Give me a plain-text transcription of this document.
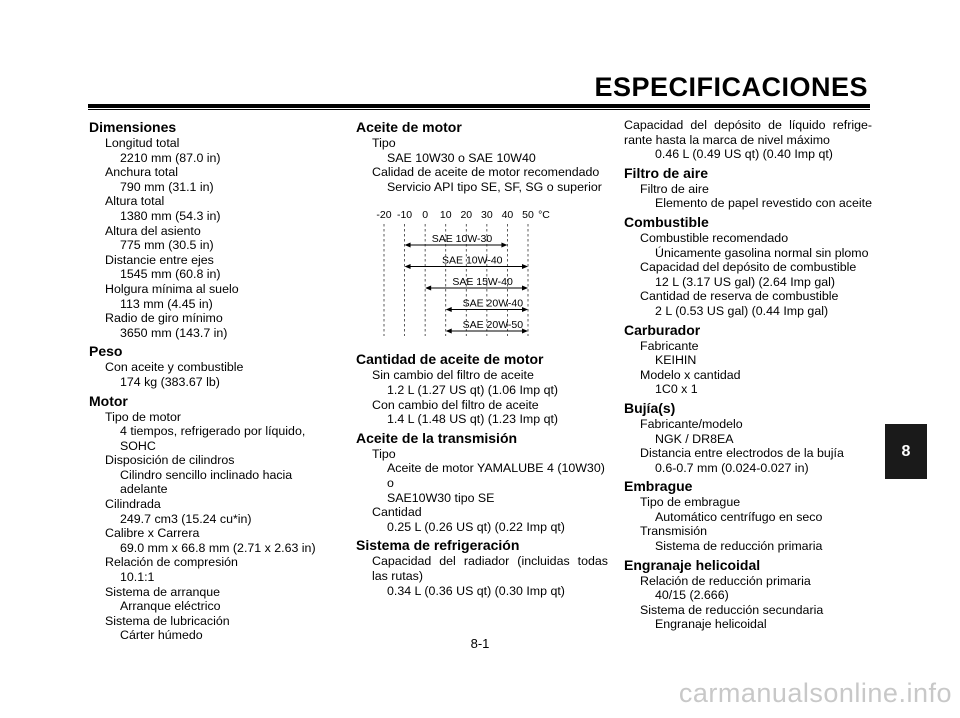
ESPECIFICACIONES
Dimensiones
Longitud total
2210 mm (87.0 in)
Anchura total
790 mm (31.1 in)
Altura total
1380 mm (54.3 in)
Altura del asiento
775 mm (30.5 in)
Distancie entre ejes
1545 mm (60.8 in)
Holgura mínima al suelo
113 mm (4.45 in)
Radio de giro mínimo
3650 mm (143.7 in)
Peso
Con aceite y combustible
174 kg (383.67 lb)
Motor
Tipo de motor
4 tiempos, refrigerado por líquido, SOHC
Disposición de cilindros
Cilindro sencillo inclinado hacia adelante
Cilindrada
249.7 cm3 (15.24 cu*in)
Calibre x Carrera
69.0 mm x 66.8 mm (2.71 x 2.63 in)
Relación de compresión
10.1:1
Sistema de arranque
Arranque eléctrico
Sistema de lubricación
Cárter húmedo
Aceite de motor
Tipo
SAE 10W30 o SAE 10W40
Calidad de aceite de motor recomendado
Servicio API tipo SE, SF, SG o superior
-20 -10 0 10 20 30 40 50 °C
SAE 10W-30
SAE 10W-40
SAE 15W-40
SAE 20W-40
SAE 20W-50
Cantidad de aceite de motor
Sin cambio del filtro de aceite
1.2 L (1.27 US qt) (1.06 Imp qt)
Con cambio del filtro de aceite
1.4 L (1.48 US qt) (1.23 Imp qt)
Aceite de la transmisión
Tipo
Aceite de motor YAMALUBE 4 (10W30) o
SAE10W30 tipo SE
Cantidad
0.25 L (0.26 US qt) (0.22 Imp qt)
Sistema de refrigeración
Capacidad del radiador (incluidas todas las rutas)
0.34 L (0.36 US qt) (0.30 Imp qt)
Capacidad del depósito de líquido refrige-rante hasta la marca de nivel máximo
0.46 L (0.49 US qt) (0.40 Imp qt)
Filtro de aire
Filtro de aire
Elemento de papel revestido con aceite
Combustible
Combustible recomendado
Únicamente gasolina normal sin plomo
Capacidad del depósito de combustible
12 L (3.17 US gal) (2.64 Imp gal)
Cantidad de reserva de combustible
2 L (0.53 US gal) (0.44 Imp gal)
Carburador
Fabricante
KEIHIN
Modelo x cantidad
1C0 x 1
Bujía(s)
Fabricante/modelo
NGK / DR8EA
Distancia entre electrodos de la bujía
0.6-0.7 mm (0.024-0.027 in)
Embrague
Tipo de embrague
Automático centrífugo en seco
Transmisión
Sistema de reducción primaria
Engranaje helicoidal
Relación de reducción primaria
40/15 (2.666)
Sistema de reducción secundaria
Engranaje helicoidal
8
8-1
carmanualsonline.info
